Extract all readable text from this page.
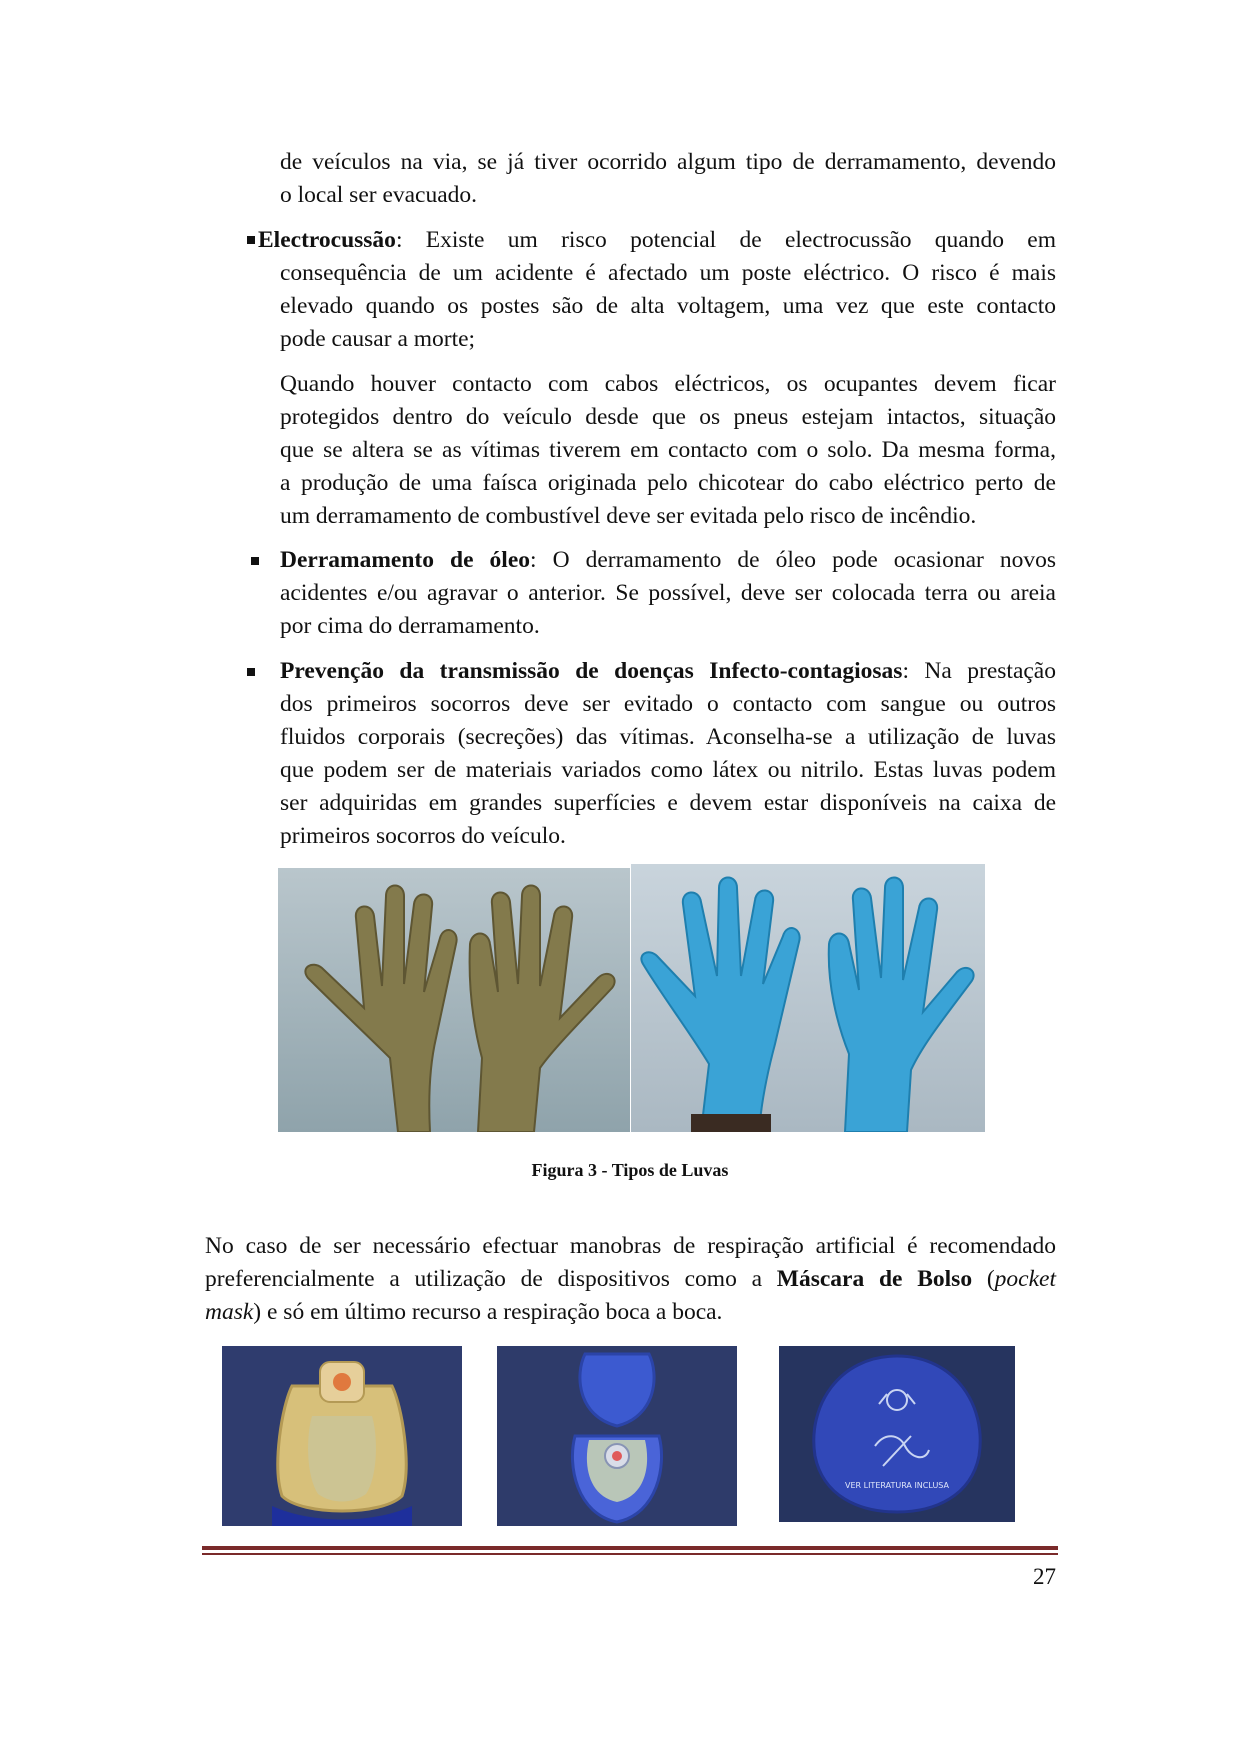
de veículos na via, se já tiver ocorrido algum tipo de derramamento, devendo
o local ser evacuado.
Electrocussão: Existe um risco potencial de electrocussão quando em
consequência de um acidente é afectado um poste eléctrico. O risco é mais
elevado quando os postes são de alta voltagem, uma vez que este contacto
pode causar a morte;
Quando houver contacto com cabos eléctricos, os ocupantes devem ficar
protegidos dentro do veículo desde que os pneus estejam intactos, situação
que se altera se as vítimas tiverem em contacto com o solo. Da mesma forma,
a produção de uma faísca originada pelo chicotear do cabo eléctrico perto de
um derramamento de combustível deve ser evitada pelo risco de incêndio.
Derramamento de óleo: O derramamento de óleo pode ocasionar novos
acidentes e/ou agravar o anterior. Se possível, deve ser colocada terra ou areia
por cima do derramamento.
Prevenção da transmissão de doenças Infecto-contagiosas: Na prestação
dos primeiros socorros deve ser evitado o contacto com sangue ou outros
fluidos corporais (secreções) das vítimas. Aconselha-se a utilização de luvas
que podem ser de materiais variados como látex ou nitrilo. Estas luvas podem
ser adquiridas em grandes superfícies e devem estar disponíveis na caixa de
primeiros socorros do veículo.
Figura 3 - Tipos de Luvas
No caso de ser necessário efectuar manobras de respiração artificial é recomendado
preferencialmente a utilização de dispositivos como a Máscara de Bolso (pocket
mask) e só em último recurso a respiração boca a boca.
VER LITERATURA INCLUSA
27
